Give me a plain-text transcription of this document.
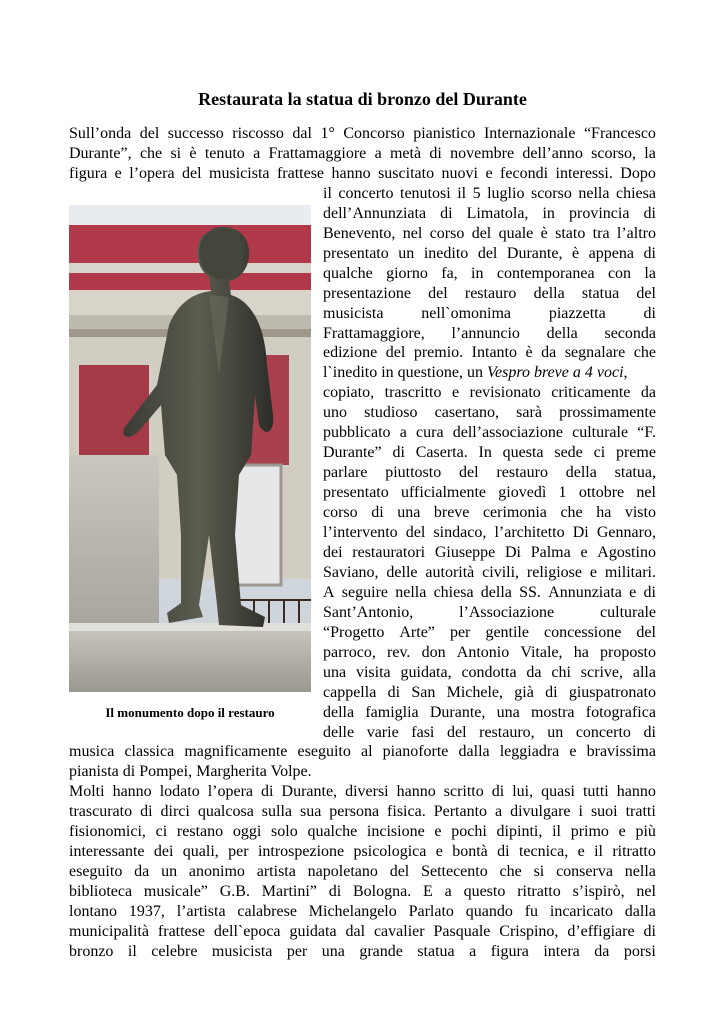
Restaurata la statua di bronzo del Durante
Il monumento dopo il restauro
Sull’onda del successo riscosso dal 1° Concorso pianistico Internazionale “Francesco
Durante”, che si è tenuto a Frattamaggiore a metà di novembre dell’anno scorso, la
figura e l’opera del musicista frattese hanno suscitato nuovi e fecondi interessi. Dopo
il concerto tenutosi il 5 luglio scorso nella chiesa
dell’Annunziata di Limatola, in provincia di
Benevento, nel corso del quale è stato tra l’altro
presentato un inedito del Durante, è appena di
qualche giorno fa, in contemporanea con la
presentazione del restauro della statua del
musicista nell`omonima piazzetta di
Frattamaggiore, l’annuncio della seconda
edizione del premio. Intanto è da segnalare che
l`inedito in questione, un Vespro breve a 4 voci ,
copiato, trascritto e revisionato criticamente da
uno studioso casertano, sarà prossimamente
pubblicato a cura dell’associazione culturale “F.
Durante” di Caserta. In questa sede ci preme
parlare piuttosto del restauro della statua,
presentato ufficialmente giovedì 1 ottobre nel
corso di una breve cerimonia che ha visto
l’intervento del sindaco, l’architetto Di Gennaro,
dei restauratori Giuseppe Di Palma e Agostino
Saviano, delle autorità civili, religiose e militari.
A seguire nella chiesa della SS. Annunziata e di
Sant’Antonio,	l’Associazione	culturale
“Progetto Arte” per gentile concessione del
parroco, rev. don Antonio Vitale, ha proposto
una visita guidata, condotta da chi scrive, alla
cappella di San Michele, già di giuspatronato
della famiglia Durante, una mostra fotografica
delle varie fasi del restauro, un concerto di
musica classica magnificamente eseguito al pianoforte dalla leggiadra e bravissima
pianista di Pompei, Margherita Volpe.
Molti hanno lodato l’opera di Durante, diversi hanno scritto di lui, quasi tutti hanno
trascurato di dirci qualcosa sulla sua persona fisica. Pertanto a divulgare i suoi tratti
fisionomici, ci restano oggi solo qualche incisione e pochi dipinti, il primo e più
interessante dei quali, per introspezione psicologica e bontà di tecnica, e il ritratto
eseguito da un anonimo artista napoletano del Settecento che si conserva nella
biblioteca musicale” G.B. Martini” di Bologna. E a questo ritratto s’ispirò, nel
lontano 1937, l’artista calabrese Michelangelo Parlato quando fu incaricato dalla
municipalità frattese dell`epoca guidata dal cavalier Pasquale Crispino, d’effigiare di
bronzo il celebre musicista per una grande statua a figura intera da porsi
